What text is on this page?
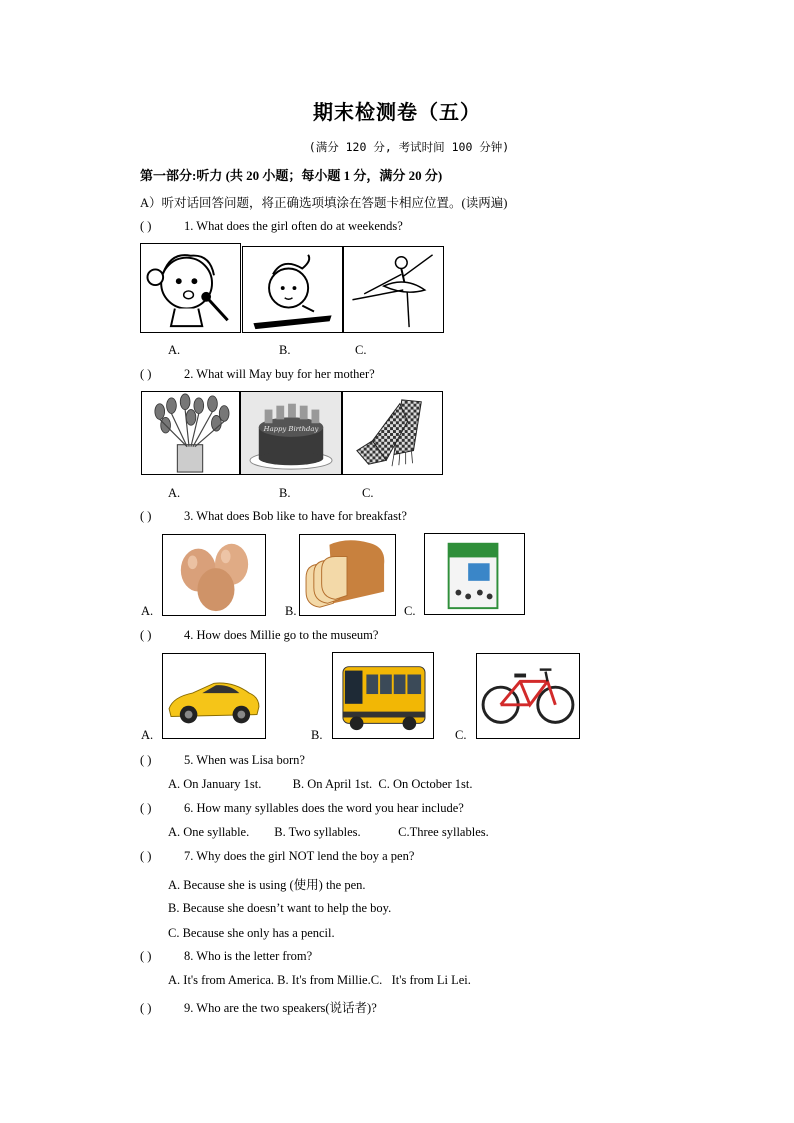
期末检测卷（五）
(满分 120 分, 考试时间 100 分钟)
第一部分:听力 (共 20 小题；每小题 1 分，满分 20 分)
A）听对话回答问题，将正确选项填涂在答题卡相应位置。(读两遍)
( )	1. What does the girl often do at weekends?
A.	B.	C.
( )	2. What will May buy for her mother?
Happy Birthday
A.	B.	C.
( )	3. What does Bob like to have for breakfast?
A.	B.	C.
( )	4. How does Millie go to the museum?
A.	B.	C.
( )	5. When was Lisa born?
A. On January 1st.          B. On April 1st.  C. On October 1st.
( )	6. How many syllables does the word you hear include?
A. One syllable.        B. Two syllables.            C.Three syllables.
( )	7. Why does the girl NOT lend the boy a pen?
A. Because she is using (使用) the pen.
B. Because she doesn’t want to help the boy.
C. Because she only has a pencil.
( )	8. Who is the letter from?
A. It's from America. B. It's from Millie.C.   It's from Li Lei.
( )	9. Who are the two speakers(说话者)?
